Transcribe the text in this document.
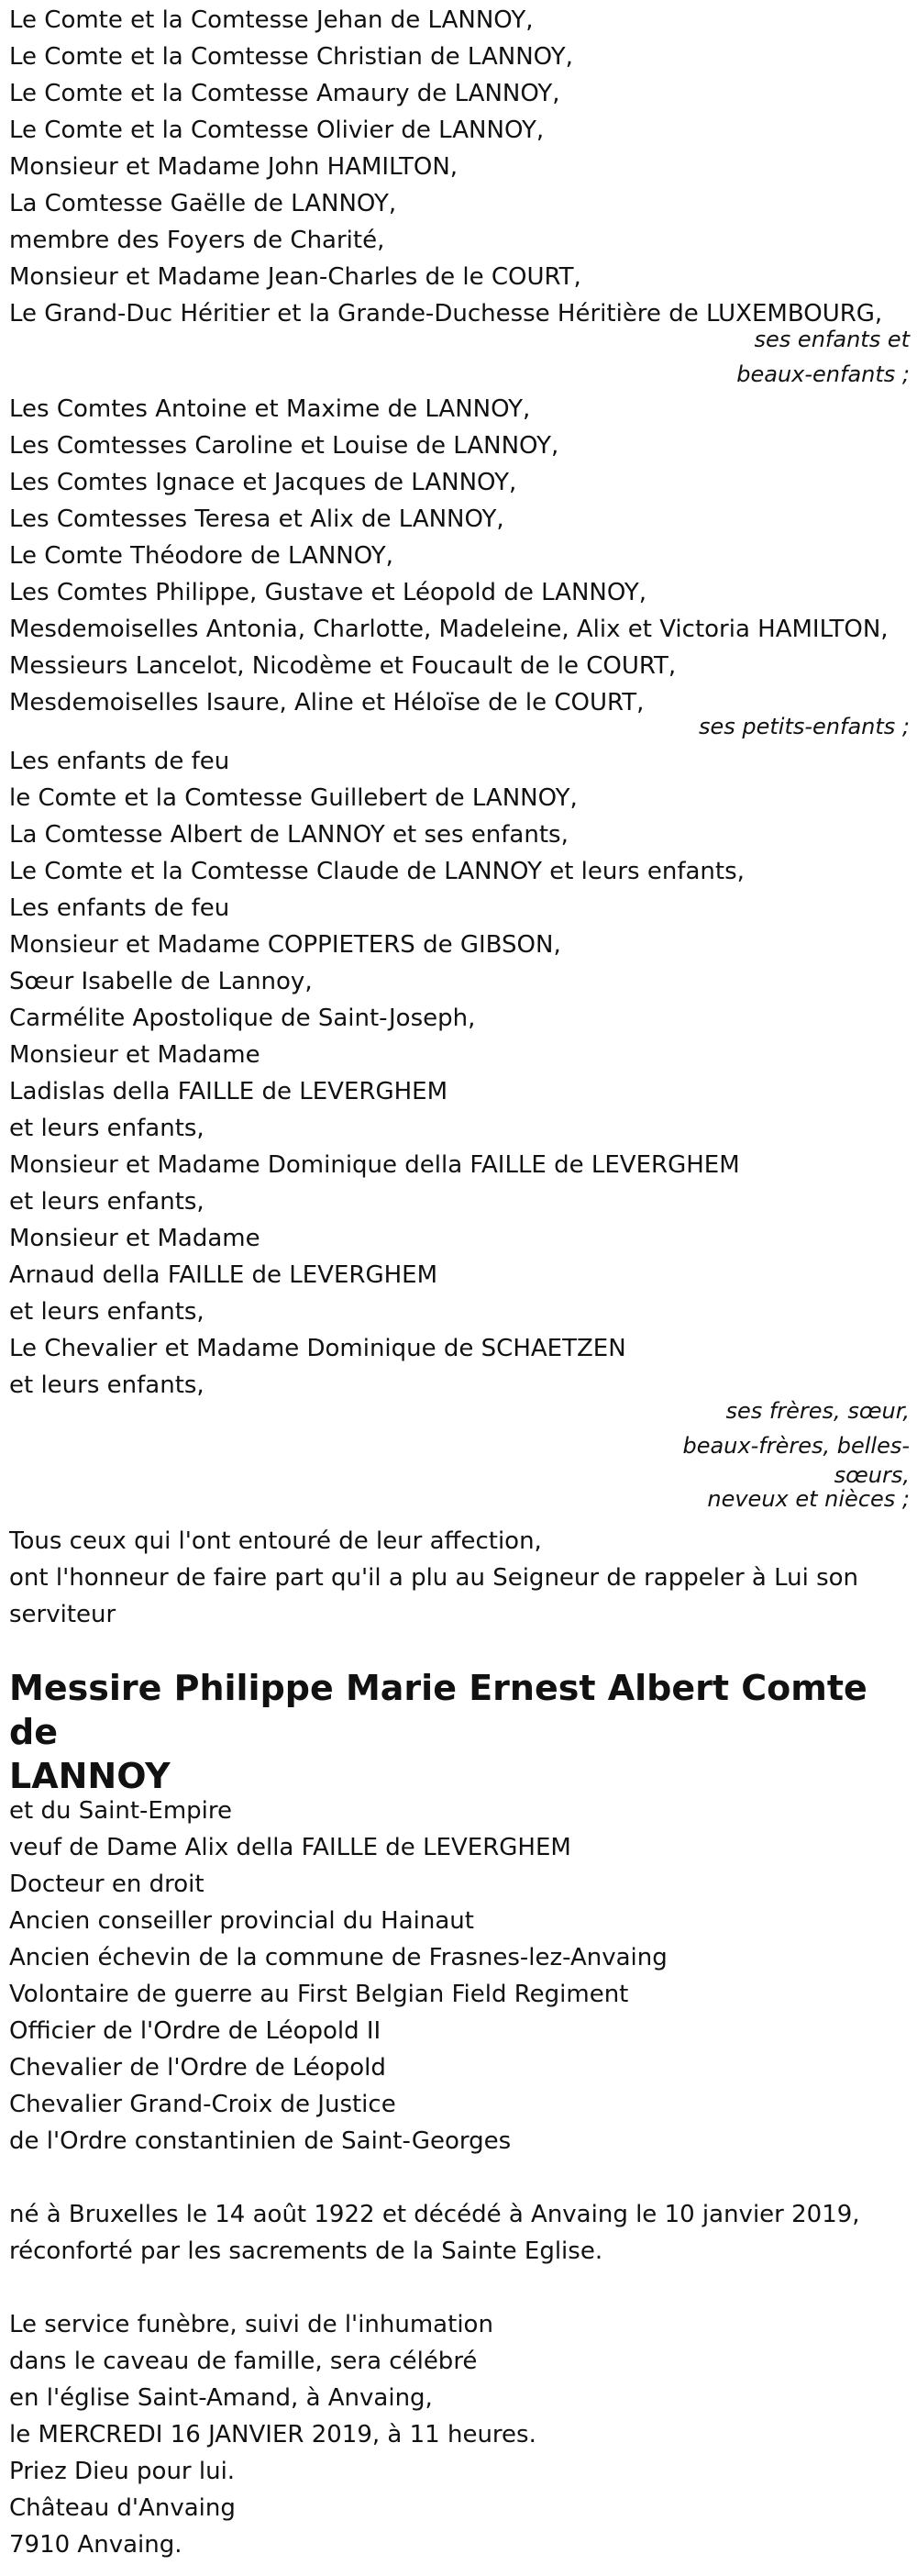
Le Comte et la Comtesse Jehan de LANNOY,

Le Comte et la Comtesse Christian de LANNOY,

Le Comte et la Comtesse Amaury de LANNOY,

Le Comte et la Comtesse Olivier de LANNOY,

Monsieur et Madame John HAMILTON,

La Comtesse Gaëlle de LANNOY,

membre des Foyers de Charité,

Monsieur et Madame Jean-Charles de le COURT,

Le Grand-Duc Héritier et la Grande-Duchesse Héritière de LUXEMBOURG,

ses enfants et

beaux-enfants ;

Les Comtes Antoine et Maxime de LANNOY,

Les Comtesses Caroline et Louise de LANNOY,

Les Comtes Ignace et Jacques de LANNOY,

Les Comtesses Teresa et Alix de LANNOY,

Le Comte Théodore de LANNOY,

Les Comtes Philippe, Gustave et Léopold de LANNOY,

Mesdemoiselles Antonia, Charlotte, Madeleine, Alix et Victoria HAMILTON,

Messieurs Lancelot, Nicodème et Foucault de le COURT,

Mesdemoiselles Isaure, Aline et Héloïse de le COURT,

ses petits-enfants ;

Les enfants de feu

le Comte et la Comtesse Guillebert de LANNOY,

La Comtesse Albert de LANNOY et ses enfants,

Le Comte et la Comtesse Claude de LANNOY et leurs enfants,

Les enfants de feu

Monsieur et Madame COPPIETERS de GIBSON,

Sœur Isabelle de Lannoy,

Carmélite Apostolique de Saint-Joseph,

Monsieur et Madame

Ladislas della FAILLE de LEVERGHEM

et leurs enfants,

Monsieur et Madame Dominique della FAILLE de LEVERGHEM

et leurs enfants,

Monsieur et Madame

Arnaud della FAILLE de LEVERGHEM

et leurs enfants,

Le Chevalier et Madame Dominique de SCHAETZEN

et leurs enfants,

ses frères, sœur,

beaux-frères, belles-

sœurs,

neveux et nièces ;

Tous ceux qui l'ont entouré de leur affection,

ont l'honneur de faire part qu'il a plu au Seigneur de rappeler à Lui son

serviteur

Messire Philippe Marie Ernest Albert Comte de
LANNOY

et du Saint-Empire

veuf de Dame Alix della FAILLE de LEVERGHEM

Docteur en droit

Ancien conseiller provincial du Hainaut

Ancien échevin de la commune de Frasnes-lez-Anvaing

Volontaire de guerre au First Belgian Field Regiment

Officier de l'Ordre de Léopold II

Chevalier de l'Ordre de Léopold

Chevalier Grand-Croix de Justice

de l'Ordre constantinien de Saint-Georges

né à Bruxelles le 14 août 1922 et décédé à Anvaing le 10 janvier 2019,

réconforté par les sacrements de la Sainte Eglise.

Le service funèbre, suivi de l'inhumation

dans le caveau de famille, sera célébré

en l'église Saint-Amand, à Anvaing,

le MERCREDI 16 JANVIER 2019, à 11 heures.

Priez Dieu pour lui.

Château d'Anvaing

7910 Anvaing.
